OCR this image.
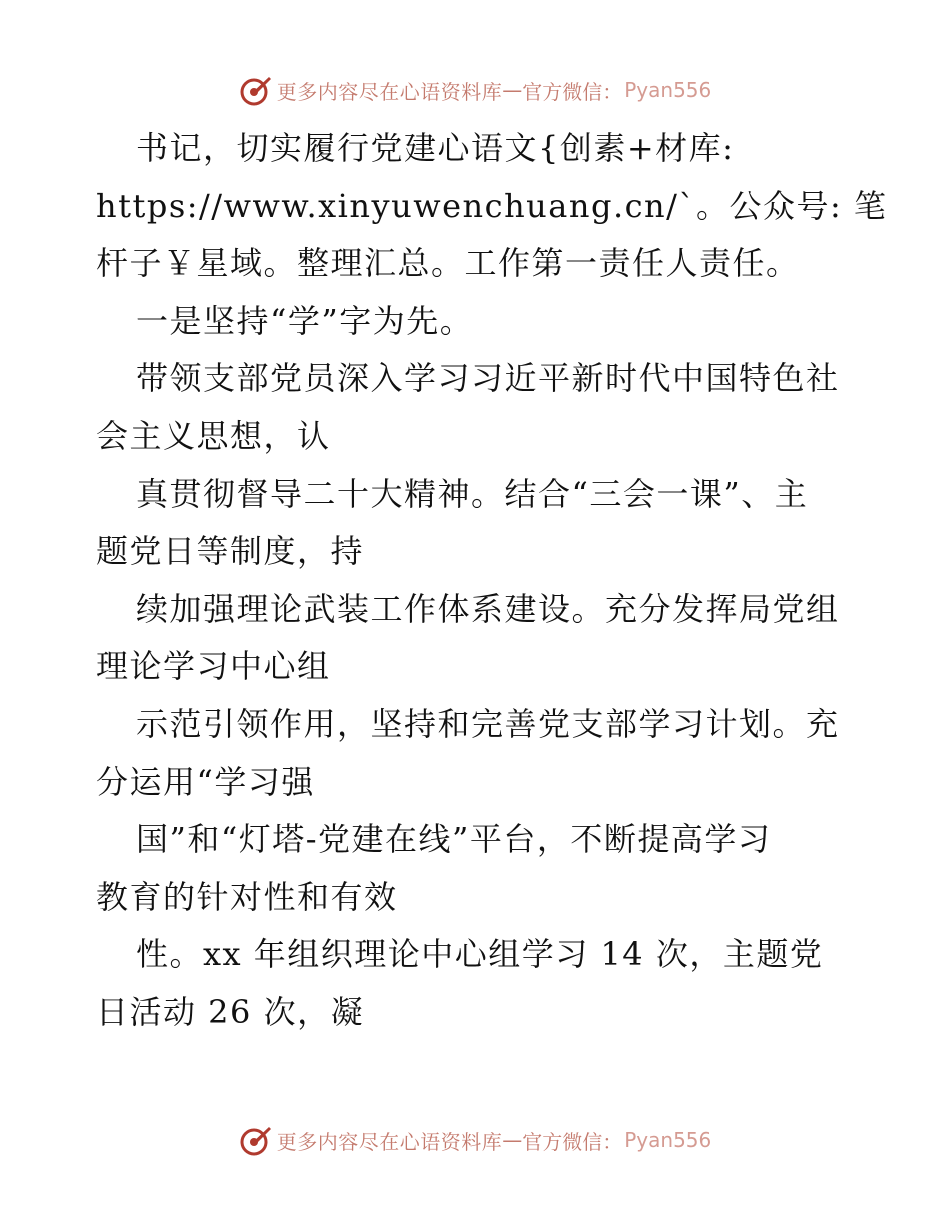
更多内容尽在心语资料库 — 官方微信： Pyan556
书记，切实履行党建心语文{创素+材库:
https://www.xinyuwenchuang.cn/`。公众号: 笔
杆子￥星域。整理汇总。工作第一责任人责任。
一是坚持“学”字为先。
带领支部党员深入学习习近平新时代中国特色社
会主义思想，认
真贯彻督导二十大精神。结合“三会一课”、主
题党日等制度，持
续加强理论武装工作体系建设。充分发挥局党组
理论学习中心组
示范引领作用，坚持和完善党支部学习计划。充
分运用“学习强
国”和“灯塔-党建在线”平台，不断提高学习
教育的针对性和有效
性。xx 年组织理论中心组学习 14 次，主题党
日活动 26 次，凝
更多内容尽在心语资料库 — 官方微信： Pyan556
